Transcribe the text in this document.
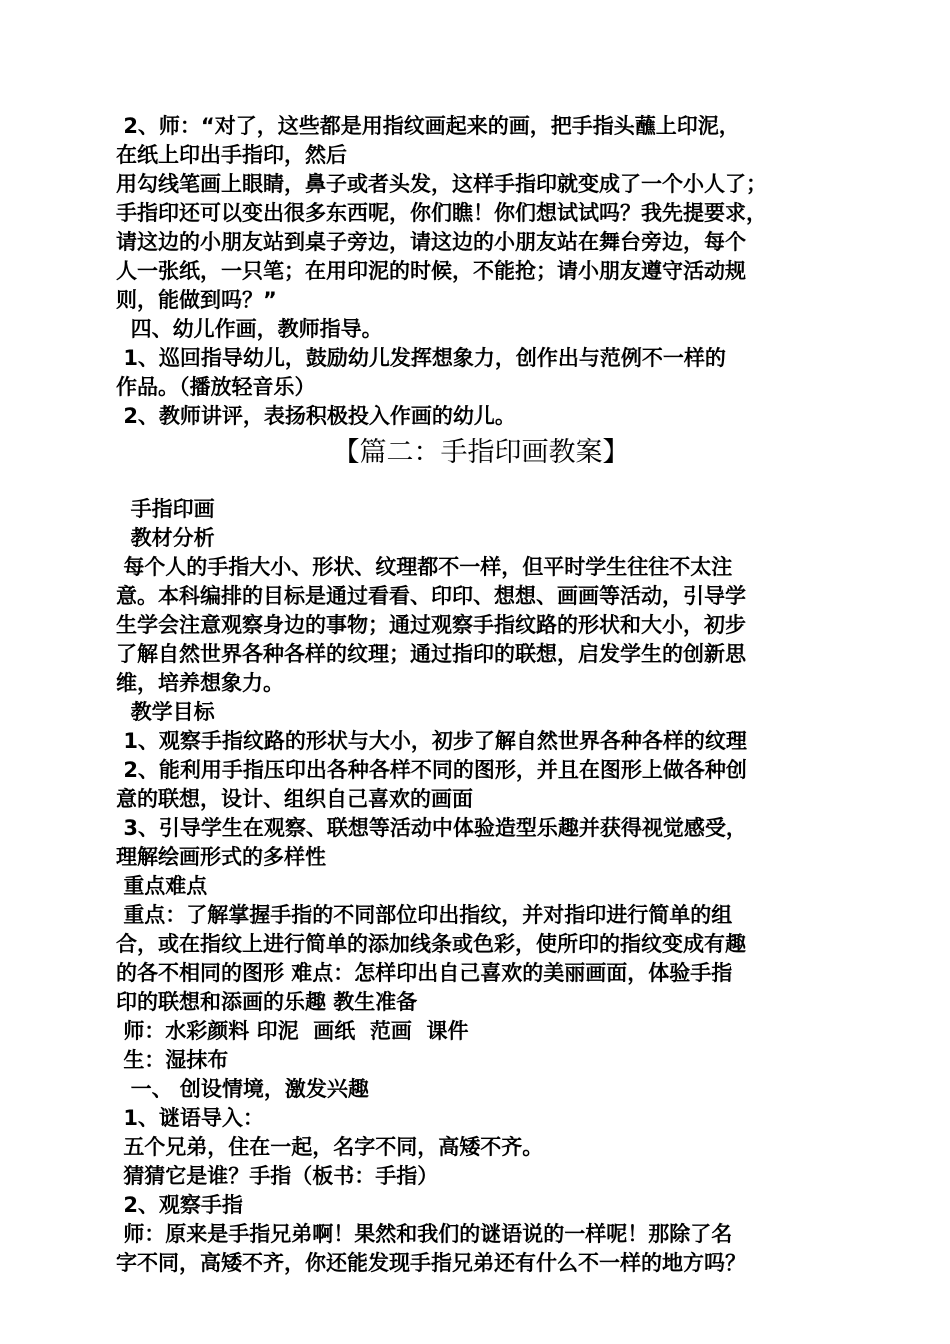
2、师：“对了，这些都是用指纹画起来的画，把手指头蘸上印泥，
在纸上印出手指印，然后
用勾线笔画上眼睛，鼻子或者头发，这样手指印就变成了一个小人了；
手指印还可以变出很多东西呢，你们瞧！你们想试试吗？我先提要求，
请这边的小朋友站到桌子旁边，请这边的小朋友站在舞台旁边，每个
人一张纸，一只笔；在用印泥的时候，不能抢；请小朋友遵守活动规
则，能做到吗？”
四、幼儿作画，教师指导。
1、巡回指导幼儿，鼓励幼儿发挥想象力，创作出与范例不一样的
作品。（播放轻音乐）
2、教师讲评，表扬积极投入作画的幼儿。
【篇二：手指印画教案】
手指印画
教材分析
每个人的手指大小、形状、纹理都不一样，但平时学生往往不太注
意。本科编排的目标是通过看看、印印、想想、画画等活动，引导学
生学会注意观察身边的事物；通过观察手指纹路的形状和大小，初步
了解自然世界各种各样的纹理；通过指印的联想，启发学生的创新思
维，培养想象力。
教学目标
1、观察手指纹路的形状与大小，初步了解自然世界各种各样的纹理
2、能利用手指压印出各种各样不同的图形，并且在图形上做各种创
意的联想，设计、组织自己喜欢的画面
3、引导学生在观察、联想等活动中体验造型乐趣并获得视觉感受，
理解绘画形式的多样性
重点难点
重点：了解掌握手指的不同部位印出指纹，并对指印进行简单的组
合，或在指纹上进行简单的添加线条或色彩，使所印的指纹变成有趣
的各不相同的图形 难点：怎样印出自己喜欢的美丽画面，体验手指
印的联想和添画的乐趣 教生准备
师：水彩颜料 印泥  画纸  范画  课件
生：湿抹布
一、 创设情境，激发兴趣
1、谜语导入：
五个兄弟，住在一起，名字不同，高矮不齐。
猜猜它是谁？手指（板书：手指）
2、观察手指
师：原来是手指兄弟啊！果然和我们的谜语说的一样呢！那除了名
字不同，高矮不齐，你还能发现手指兄弟还有什么不一样的地方吗？
